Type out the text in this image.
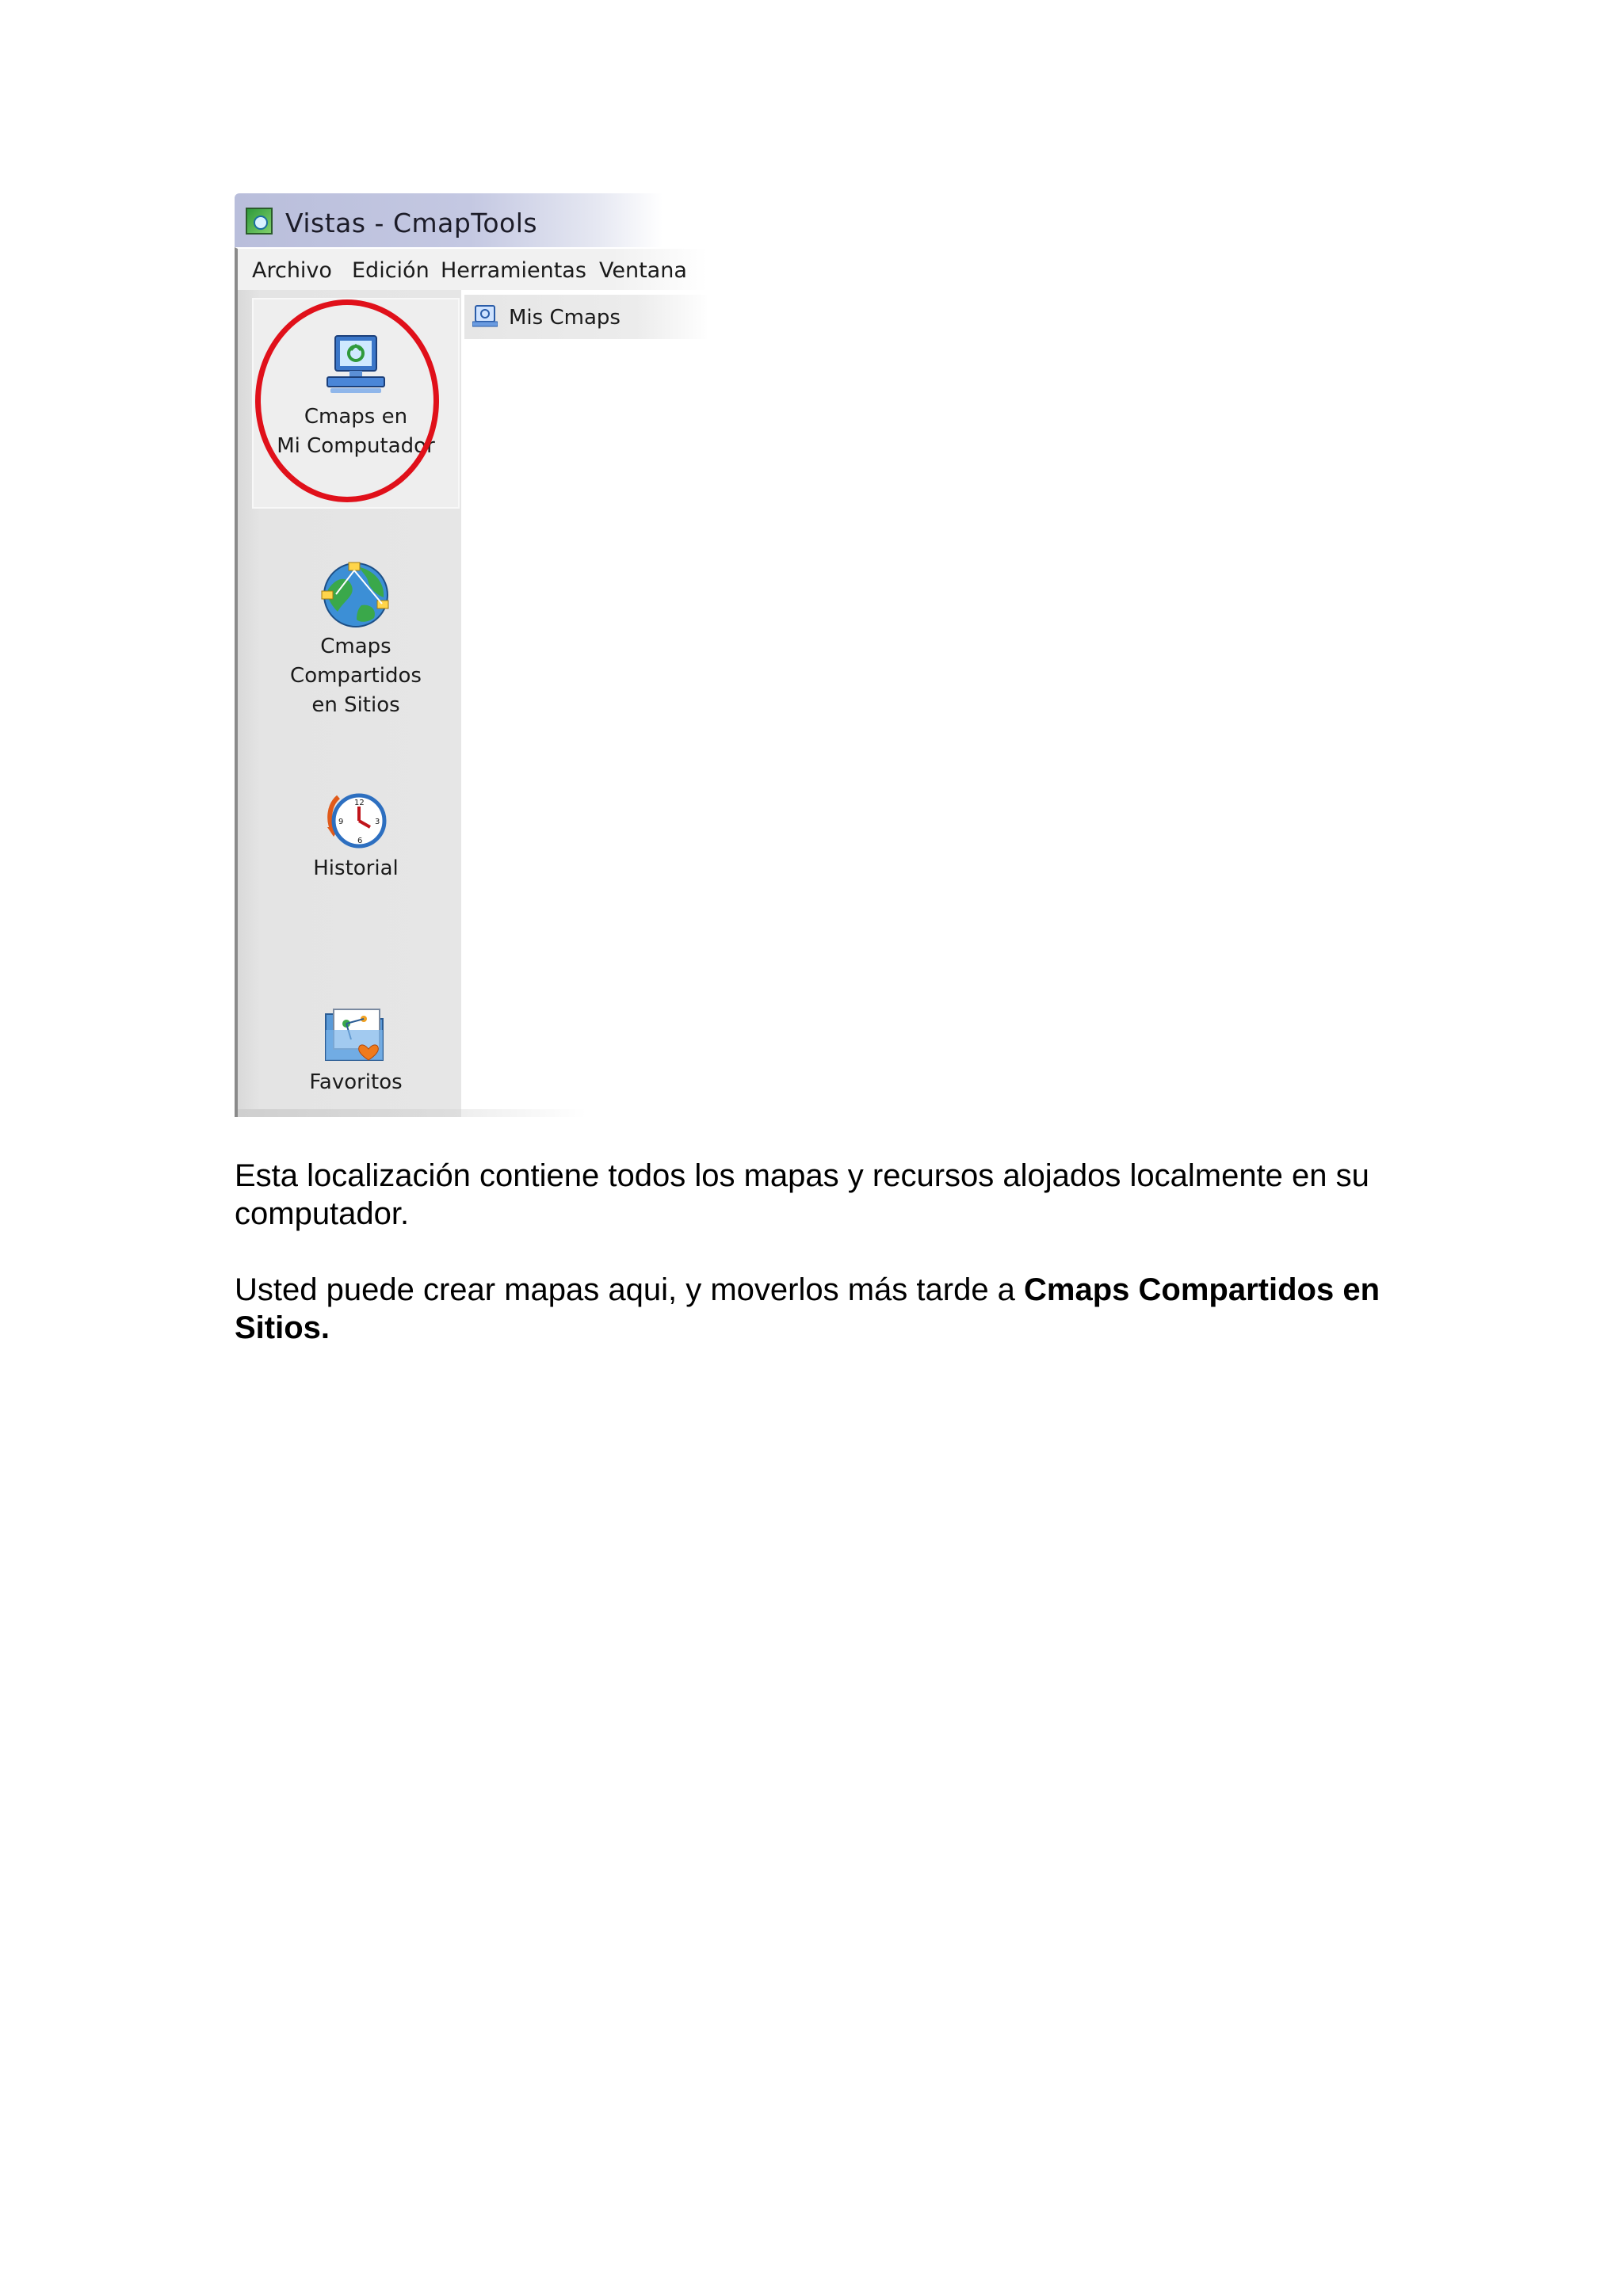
Vistas - CmapTools
Archivo Edición Herramientas Ventana
Cmaps en
Mi Computador
Cmaps Compartidos
en Sitios
12
3
6
9
Historial
Favoritos
Mis Cmaps

Esta localización contiene todos los mapas y recursos alojados localmente en su computador.

Usted puede crear mapas aqui, y moverlos más tarde a Cmaps Compartidos en Sitios.
